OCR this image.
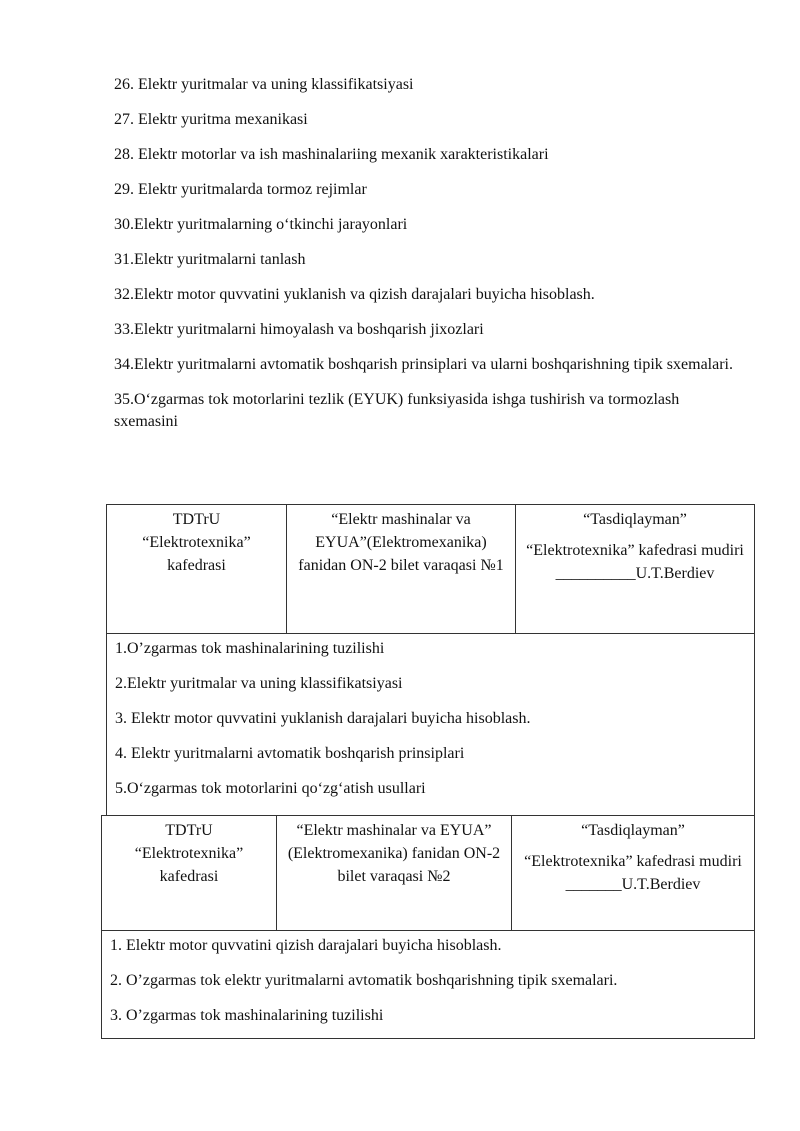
26. Elektr yuritmalar va uning klassifikatsiyasi

27. Elektr yuritma mexanikasi

28. Elektr motorlar va ish mashinalariing mexanik xarakteristikalari

29. Elektr yuritmalarda tormoz rejimlar

30.Elektr yuritmalarning o‘tkinchi jarayonlari

31.Elektr yuritmalarni tanlash

32.Elektr motor quvvatini yuklanish va qizish darajalari buyicha hisoblash.

33.Elektr yuritmalarni himoyalash va boshqarish jixozlari

34.Elektr yuritmalarni avtomatik boshqarish prinsiplari va ularni boshqarishning tipik sxemalari.

35.O‘zgarmas tok motorlarini tezlik (EYUK) funksiyasida ishga tushirish va tormozlash sxemasini

TDTrU
“Elektrotexnika”
kafedrasi
“Elektr mashinalar va EYUA”(Elektromexanika) fanidan ON-2 bilet varaqasi №1
“Tasdiqlayman”
“Elektrotexnika” kafedrasi mudiri __________U.T.Berdiev

1.O’zgarmas tok mashinalarining tuzilishi

2.Elektr yuritmalar va uning klassifikatsiyasi

3. Elektr motor quvvatini yuklanish darajalari buyicha hisoblash.

4. Elektr yuritmalarni avtomatik boshqarish prinsiplari

5.O‘zgarmas tok motorlarini qo‘zg‘atish usullari

TDTrU
“Elektrotexnika”
kafedrasi
“Elektr mashinalar va EYUA” (Elektromexanika) fanidan ON-2 bilet varaqasi №2
“Tasdiqlayman”
“Elektrotexnika” kafedrasi mudiri _______U.T.Berdiev

1. Elektr motor quvvatini qizish darajalari buyicha hisoblash.

2. O’zgarmas tok elektr yuritmalarni avtomatik boshqarishning tipik sxemalari.

3. O’zgarmas tok mashinalarining tuzilishi
